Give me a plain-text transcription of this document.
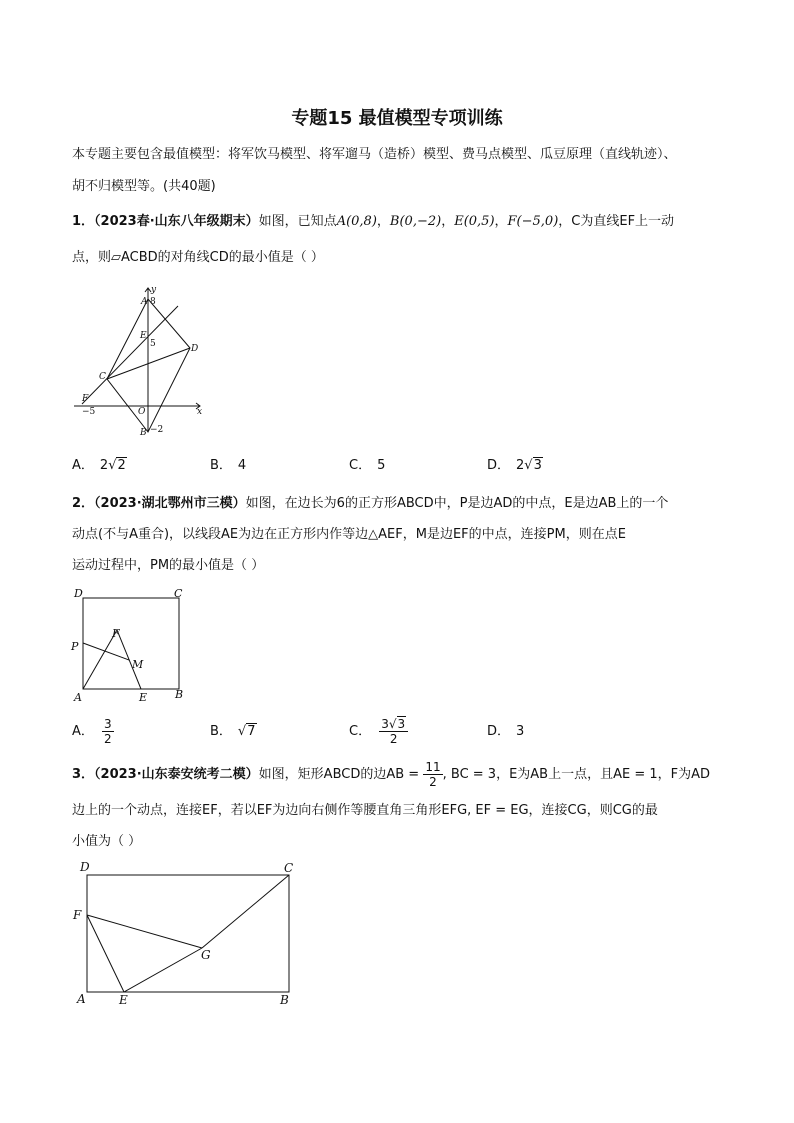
专题15 最值模型专项训练
本专题主要包含最值模型：将军饮马模型、将军遛马（造桥）模型、费马点模型、瓜豆原理（直线轨迹）、
胡不归模型等。(共40题)
1．（2023春·山东八年级期末）如图，已知点A(0,8)，B(0,−2)，E(0,5)，F(−5,0)，C为直线EF上一动
点，则▱ACBD的对角线CD的最小值是（ ）
y
A 8
E
5	D
C
F
−5	O	x
B −2
A． 2√2	B． 4	C． 5	D． 2√3
2．（2023·湖北鄂州市三模）如图，在边长为6的正方形ABCD中，P是边AD的中点，E是边AB上的一个
动点(不与A重合)，以线段AE为边在正方形内作等边△AEF，M是边EF的中点，连接PM，则在点E
运动过程中，PM的最小值是（ ）
D	C
P
F
M
A	E	B
A． $\frac{3}{2}$	B． √7	C． $\frac{3√3}{2}$	D． 3
3．（2023·山东泰安统考二模）如图，矩形ABCD的边AB = $\frac{11}{2}$ , BC = 3，E为AB上一点，且AE = 1，F为AD
边上的一个动点，连接EF，若以EF为边向右侧作等腰直角三角形EFG, EF = EG，连接CG，则CG的最
小值为（ ）
D	C
F
G
A	E	B
